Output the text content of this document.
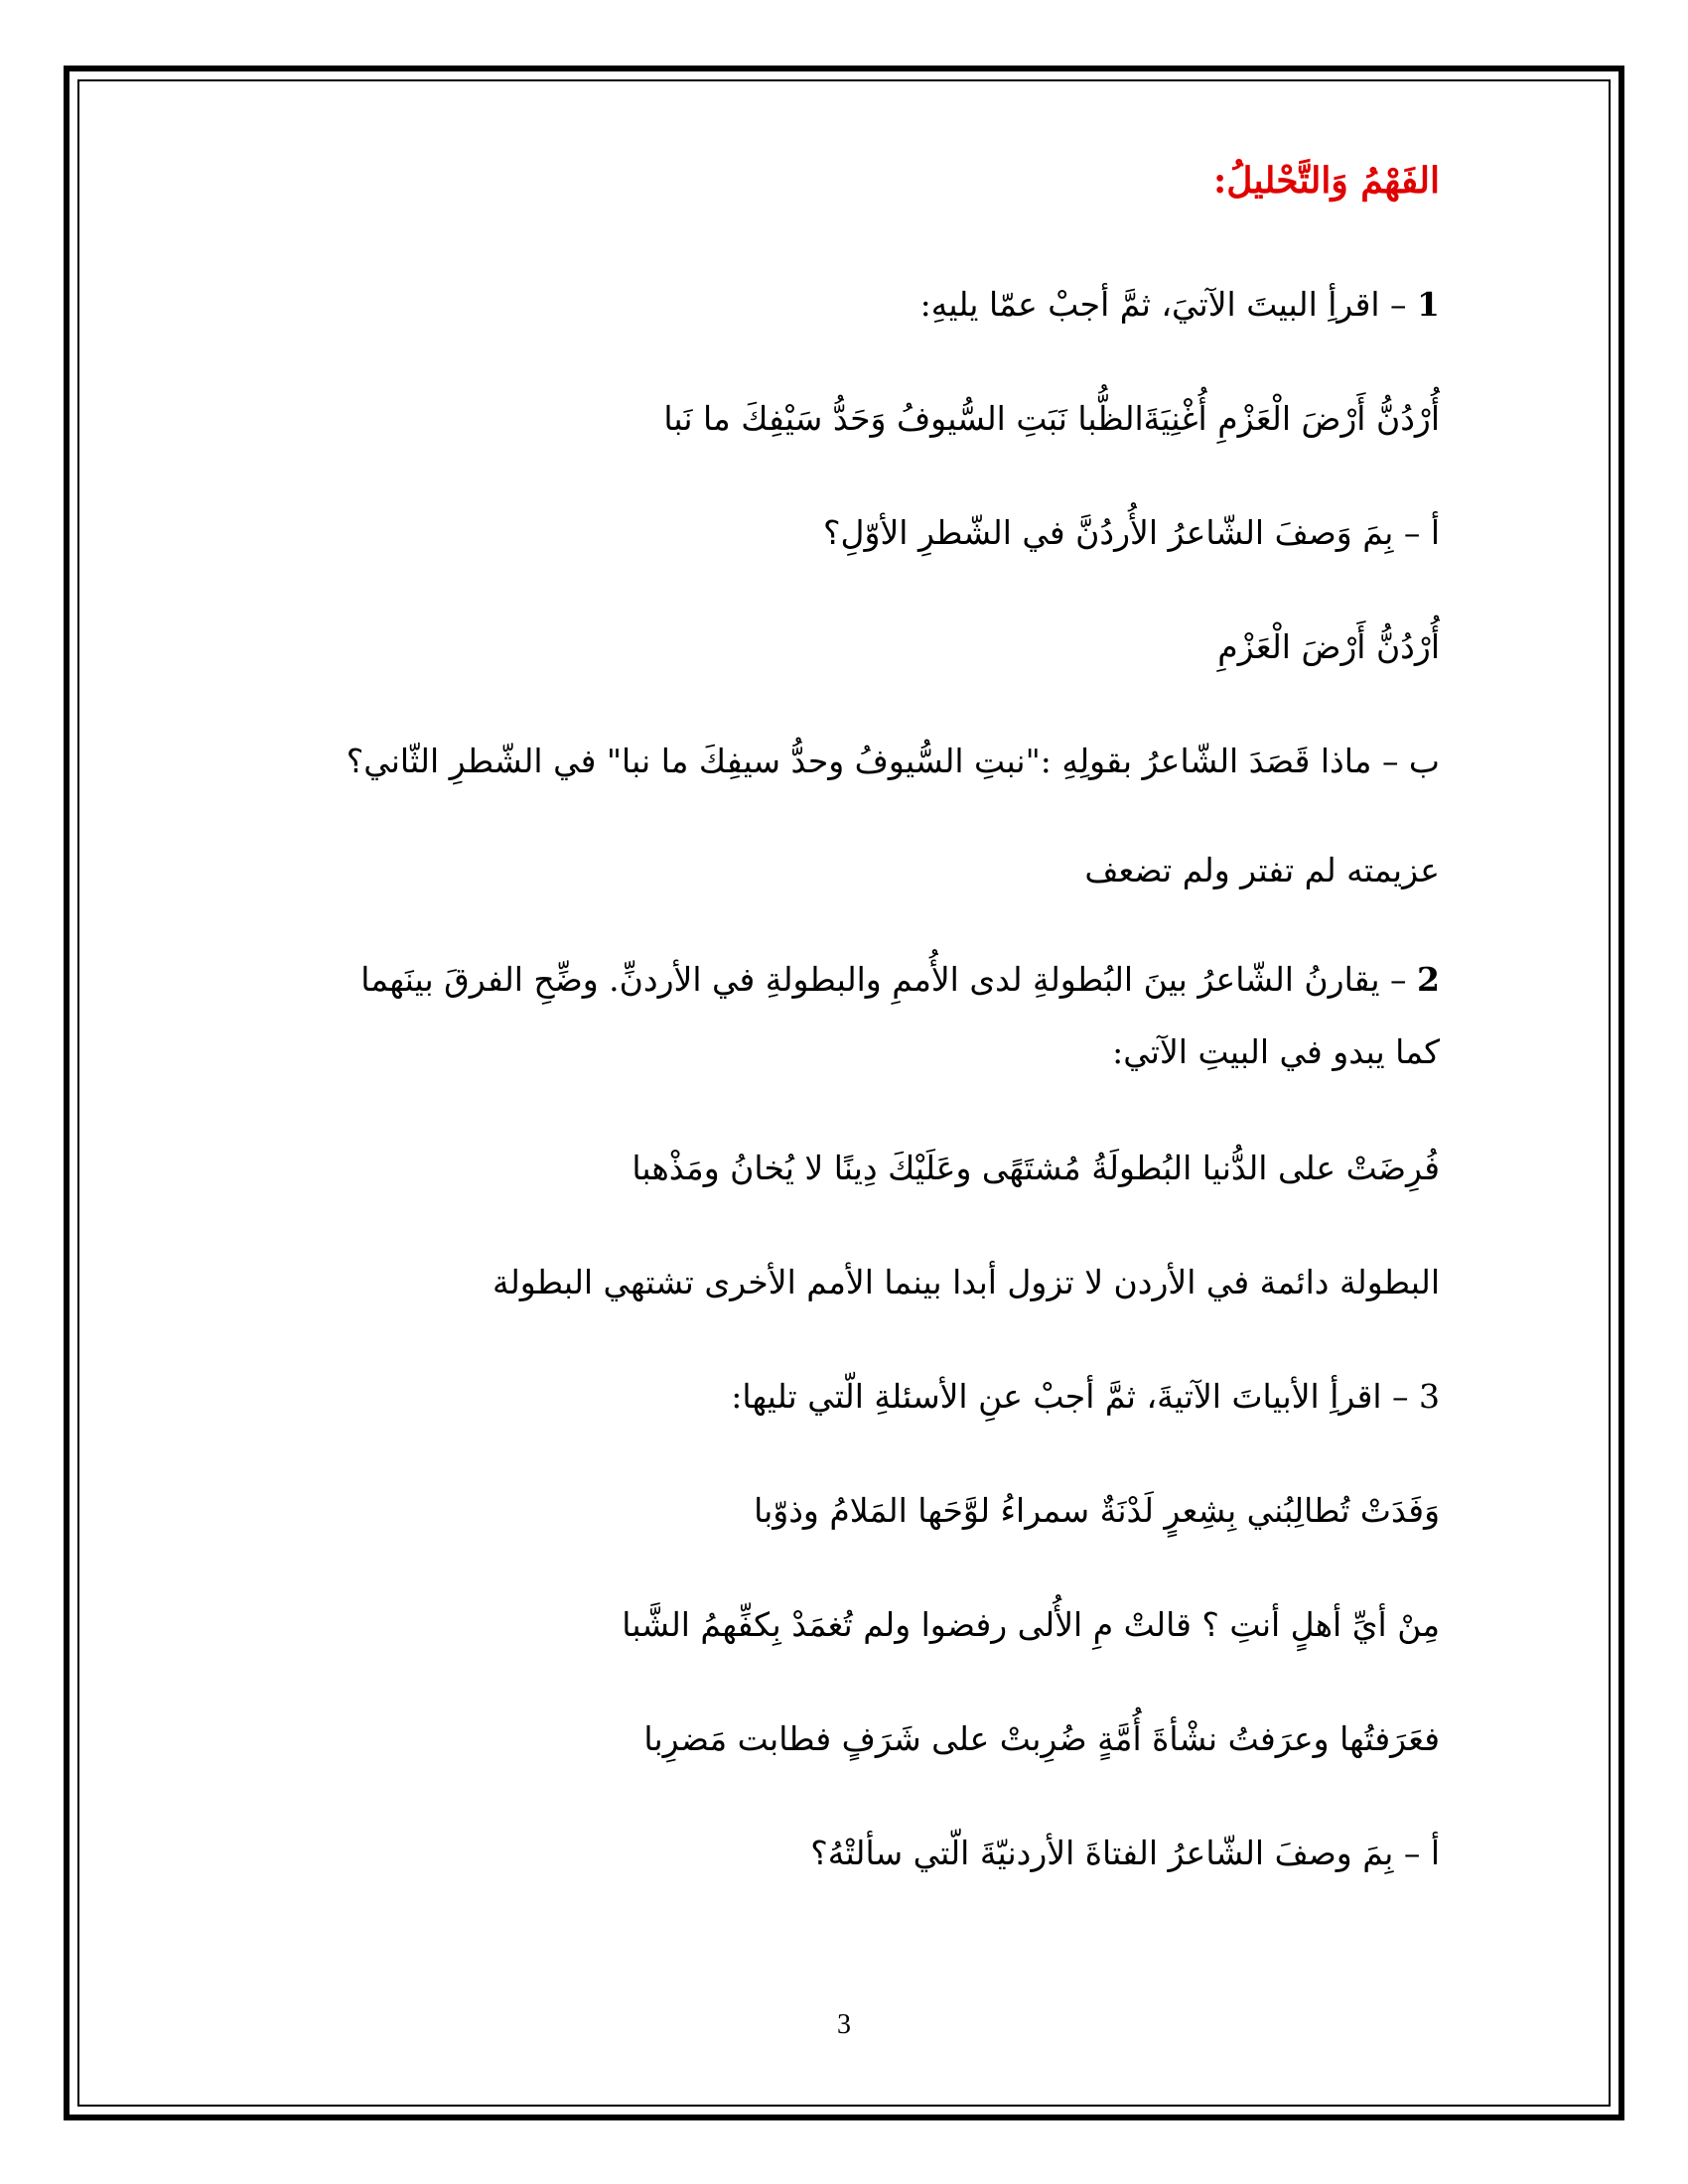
الفَهْمُ وَالتَّحْليلُ:
1 – اقرأِ البيتَ الآتيَ، ثمَّ أجبْ عمّا يليهِ:
أُرْدُنُّ أَرْضَ الْعَزْمِ أُغْنِيَةَالظُّبا نَبَتِ السُّيوفُ وَحَدُّ سَيْفِكَ ما نَبا
أ – بِمَ وَصفَ الشّاعرُ الأُردُنَّ في الشّطرِ الأوّلِ؟
أُرْدُنُّ أَرْضَ الْعَزْمِ
ب – ماذا قَصَدَ الشّاعرُ بقولِهِ :"نبتِ السُّيوفُ وحدُّ سيفِكَ ما نبا" في الشّطرِ الثّاني؟
عزيمته لم تفتر ولم تضعف
2 – يقارنُ الشّاعرُ بينَ البُطولةِ لدى الأُممِ والبطولةِ في الأردنِّ. وضِّحِ الفرقَ بينَهما
كما يبدو في البيتِ الآتي:
فُرِضَتْ على الدُّنيا البُطولَةُ مُشتَهًى وعَلَيْكَ دِينًا لا يُخانُ ومَذْهبا
البطولة دائمة في الأردن لا تزول أبدا بينما الأمم الأخرى تشتهي البطولة
3 – اقرأِ الأبياتَ الآتيةَ، ثمَّ أجبْ عنِ الأسئلةِ الّتي تليها:
وَفَدَتْ تُطالِبُني بِشِعرٍ لَدْنَةٌ سمراءُ لوَّحَها المَلامُ وذوّبا
مِنْ أيِّ أهلٍ أنتِ ؟ قالتْ مِ الأُلى رفضوا ولم تُغمَدْ بِكفِّهمُ الشَّبا
فعَرَفتُها وعرَفتُ نشْأةَ أُمَّةٍ ضُرِبتْ على شَرَفٍ فطابت مَضرِبا
أ – بِمَ وصفَ الشّاعرُ الفتاةَ الأردنيّةَ الّتي سألتْهُ؟
3
